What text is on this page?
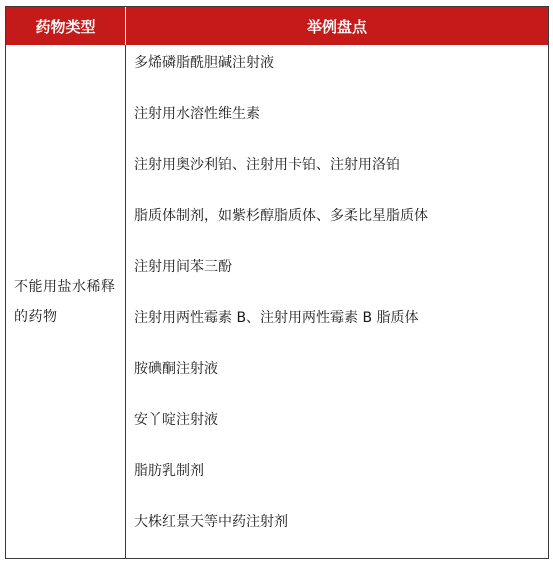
药物类型	举例盘点
不能用盐水稀释的药物
多烯磷脂酰胆碱注射液
注射用水溶性维生素
注射用奥沙利铂、注射用卡铂、注射用洛铂
脂质体制剂，如紫杉醇脂质体、多柔比星脂质体
注射用间苯三酚
注射用两性霉素 B、注射用两性霉素 B 脂质体
胺碘酮注射液
安丫啶注射液
脂肪乳制剂
大株红景天等中药注射剂
